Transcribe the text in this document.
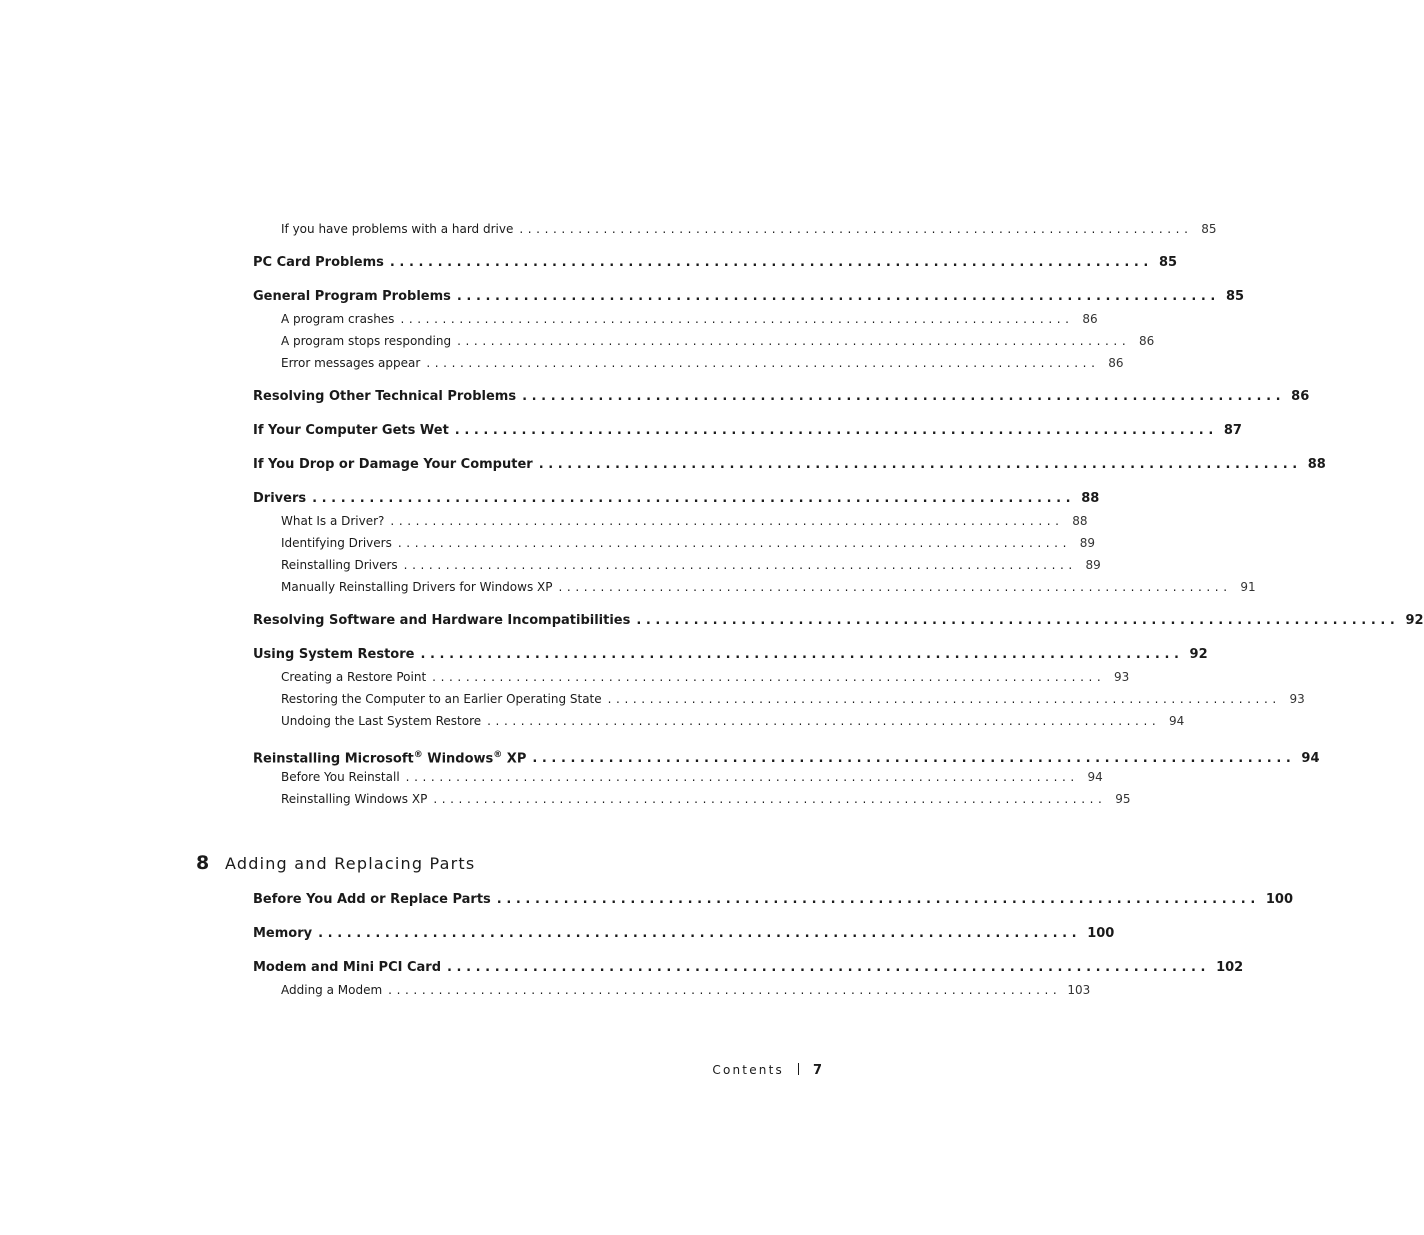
If you have problems with a hard drive ................................................................................ 85
PC Card Problems ................................................................................ 85
General Program Problems ................................................................................ 85
A program crashes ................................................................................ 86
A program stops responding ................................................................................ 86
Error messages appear ................................................................................ 86
Resolving Other Technical Problems ................................................................................ 86
If Your Computer Gets Wet ................................................................................ 87
If You Drop or Damage Your Computer ................................................................................ 88
Drivers ................................................................................ 88
What Is a Driver? ................................................................................ 88
Identifying Drivers ................................................................................ 89
Reinstalling Drivers ................................................................................ 89
Manually Reinstalling Drivers for Windows XP ................................................................................ 91
Resolving Software and Hardware Incompatibilities ................................................................................ 92
Using System Restore ................................................................................ 92
Creating a Restore Point ................................................................................ 93
Restoring the Computer to an Earlier Operating State ................................................................................ 93
Undoing the Last System Restore ................................................................................ 94
Reinstalling Microsoft® Windows® XP ................................................................................ 94
Before You Reinstall ................................................................................ 94
Reinstalling Windows XP ................................................................................ 95
8 Adding and Replacing Parts
Before You Add or Replace Parts ................................................................................ 100
Memory ................................................................................ 100
Modem and Mini PCI Card ................................................................................ 102
Adding a Modem ................................................................................ 103
Contents 7
